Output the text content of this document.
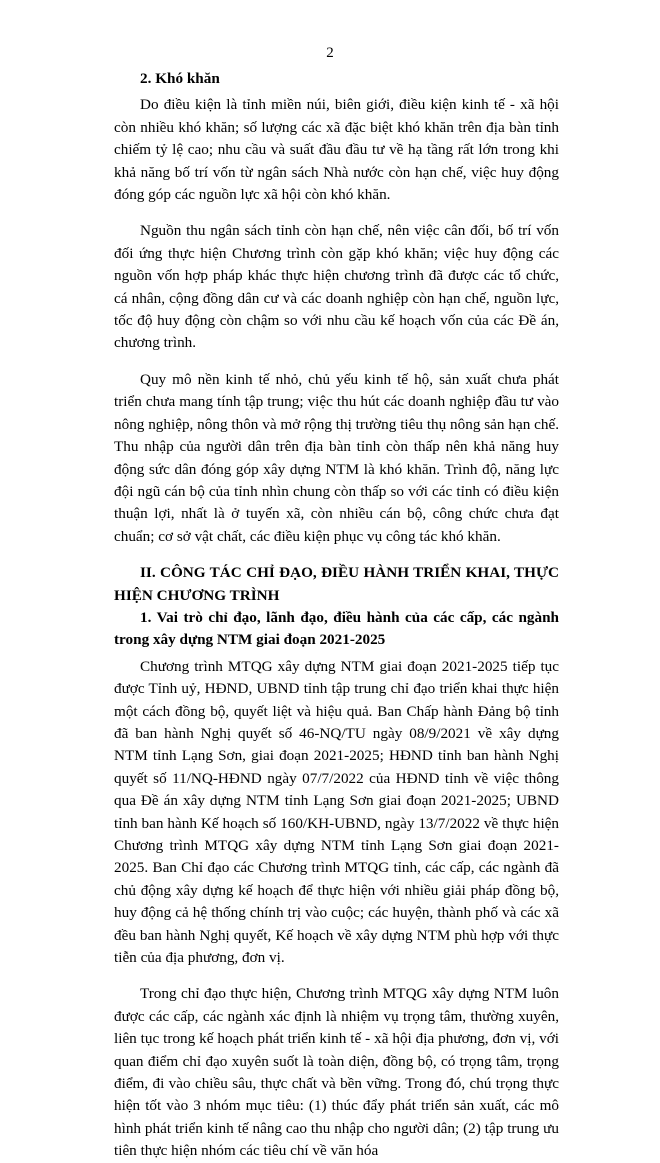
2

2. Khó khăn

Do điều kiện là tỉnh miền núi, biên giới, điều kiện kinh tế - xã hội còn nhiều khó khăn; số lượng các xã đặc biệt khó khăn trên địa bàn tỉnh chiếm tỷ lệ cao; nhu cầu và suất đầu đầu tư về hạ tầng rất lớn trong khi khả năng bố trí vốn từ ngân sách Nhà nước còn hạn chế, việc huy động đóng góp các nguồn lực xã hội còn khó khăn.

Nguồn thu ngân sách tỉnh còn hạn chế, nên việc cân đối, bố trí vốn đối ứng thực hiện Chương trình còn gặp khó khăn; việc huy động các nguồn vốn hợp pháp khác thực hiện chương trình đã được các tổ chức, cá nhân, cộng đồng dân cư và các doanh nghiệp còn hạn chế, nguồn lực, tốc độ huy động còn chậm so với nhu cầu kế hoạch vốn của các Đề án, chương trình.

Quy mô nền kinh tế nhỏ, chủ yếu kinh tế hộ, sản xuất chưa phát triển chưa mang tính tập trung; việc thu hút các doanh nghiệp đầu tư vào nông nghiệp, nông thôn và mở rộng thị trường tiêu thụ nông sản hạn chế. Thu nhập của người dân trên địa bàn tỉnh còn thấp nên khả năng huy động sức dân đóng góp xây dựng NTM là khó khăn. Trình độ, năng lực đội ngũ cán bộ của tỉnh nhìn chung còn thấp so với các tỉnh có điều kiện thuận lợi, nhất là ở tuyến xã, còn nhiều cán bộ, công chức chưa đạt chuẩn; cơ sở vật chất, các điều kiện phục vụ công tác khó khăn.

II. CÔNG TÁC CHỈ ĐẠO, ĐIỀU HÀNH TRIỂN KHAI, THỰC HIỆN CHƯƠNG TRÌNH

1. Vai trò chỉ đạo, lãnh đạo, điều hành của các cấp, các ngành trong xây dựng NTM giai đoạn 2021-2025

Chương trình MTQG xây dựng NTM giai đoạn 2021-2025 tiếp tục được Tỉnh uỷ, HĐND, UBND tỉnh tập trung chỉ đạo triển khai thực hiện một cách đồng bộ, quyết liệt và hiệu quả. Ban Chấp hành Đảng bộ tỉnh đã ban hành Nghị quyết số 46-NQ/TU ngày 08/9/2021 về xây dựng NTM tỉnh Lạng Sơn, giai đoạn 2021-2025; HĐND tỉnh ban hành Nghị quyết số 11/NQ-HĐND ngày 07/7/2022 của HĐND tỉnh về việc thông qua Đề án xây dựng NTM tỉnh Lạng Sơn giai đoạn 2021-2025; UBND tỉnh ban hành Kế hoạch số 160/KH-UBND, ngày 13/7/2022 về thực hiện Chương trình MTQG xây dựng NTM tỉnh Lạng Sơn giai đoạn 2021-2025. Ban Chỉ đạo các Chương trình MTQG tỉnh, các cấp, các ngành đã chủ động xây dựng kế hoạch để thực hiện với nhiều giải pháp đồng bộ, huy động cả hệ thống chính trị vào cuộc; các huyện, thành phố và các xã đều ban hành Nghị quyết, Kế hoạch về xây dựng NTM phù hợp với thực tiễn của địa phương, đơn vị.

Trong chỉ đạo thực hiện, Chương trình MTQG xây dựng NTM luôn được các cấp, các ngành xác định là nhiệm vụ trọng tâm, thường xuyên, liên tục trong kế hoạch phát triển kinh tế - xã hội địa phương, đơn vị, với quan điểm chỉ đạo xuyên suốt là toàn diện, đồng bộ, có trọng tâm, trọng điểm, đi vào chiều sâu, thực chất và bền vững. Trong đó, chú trọng thực hiện tốt vào 3 nhóm mục tiêu: (1) thúc đẩy phát triển sản xuất, các mô hình phát triển kinh tế nâng cao thu nhập cho người dân; (2) tập trung ưu tiên thực hiện nhóm các tiêu chí về văn hóa
